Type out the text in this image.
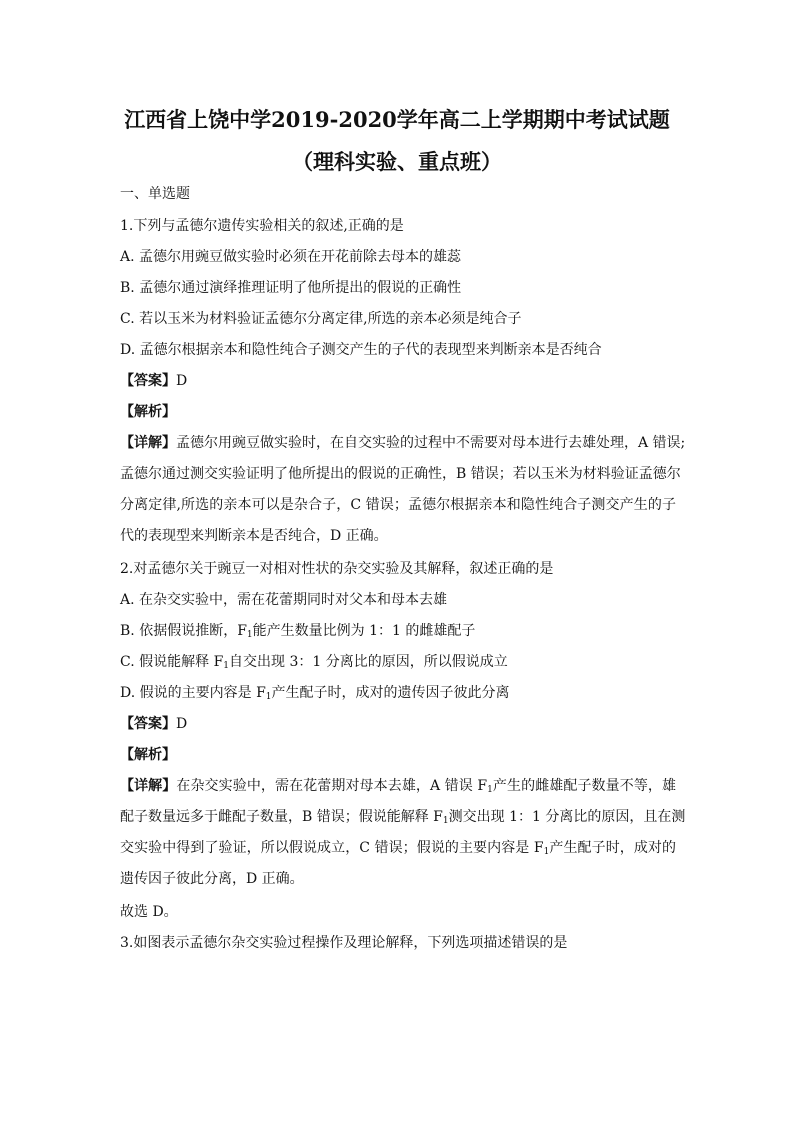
江西省上饶中学2019-2020学年高二上学期期中考试试题
（理科实验、重点班）
一、单选题
1.下列与孟德尔遗传实验相关的叙述,正确的是
A. 孟德尔用豌豆做实验时必须在开花前除去母本的雄蕊
B. 孟德尔通过演绎推理证明了他所提出的假说的正确性
C. 若以玉米为材料验证孟德尔分离定律,所选的亲本必须是纯合子
D. 孟德尔根据亲本和隐性纯合子测交产生的子代的表现型来判断亲本是否纯合
【答案】D
【解析】
【详解】孟德尔用豌豆做实验时，在自交实验的过程中不需要对母本进行去雄处理，A 错误;
孟德尔通过测交实验证明了他所提出的假说的正确性，B 错误；若以玉米为材料验证孟德尔
分离定律,所选的亲本可以是杂合子，C 错误；孟德尔根据亲本和隐性纯合子测交产生的子
代的表现型来判断亲本是否纯合，D 正确。
2.对孟德尔关于豌豆一对相对性状的杂交实验及其解释，叙述正确的是
A. 在杂交实验中，需在花蕾期同时对父本和母本去雄
B. 依据假说推断，$F_1$能产生数量比例为 1：1 的雌雄配子
C. 假说能解释 $F_1$自交出现 3：1 分离比的原因，所以假说成立
D. 假说的主要内容是 $F_1$产生配子时，成对的遗传因子彼此分离
【答案】D
【解析】
【详解】在杂交实验中，需在花蕾期对母本去雄，A 错误 $F_1$产生的雌雄配子数量不等，雄
配子数量远多于雌配子数量，B 错误；假说能解释 $F_1$测交出现 1：1 分离比的原因，且在测
交实验中得到了验证，所以假说成立，C 错误；假说的主要内容是 $F_1$产生配子时，成对的
遗传因子彼此分离，D 正确。
故选 D。
3.如图表示孟德尔杂交实验过程操作及理论解释，下列选项描述错误的是
